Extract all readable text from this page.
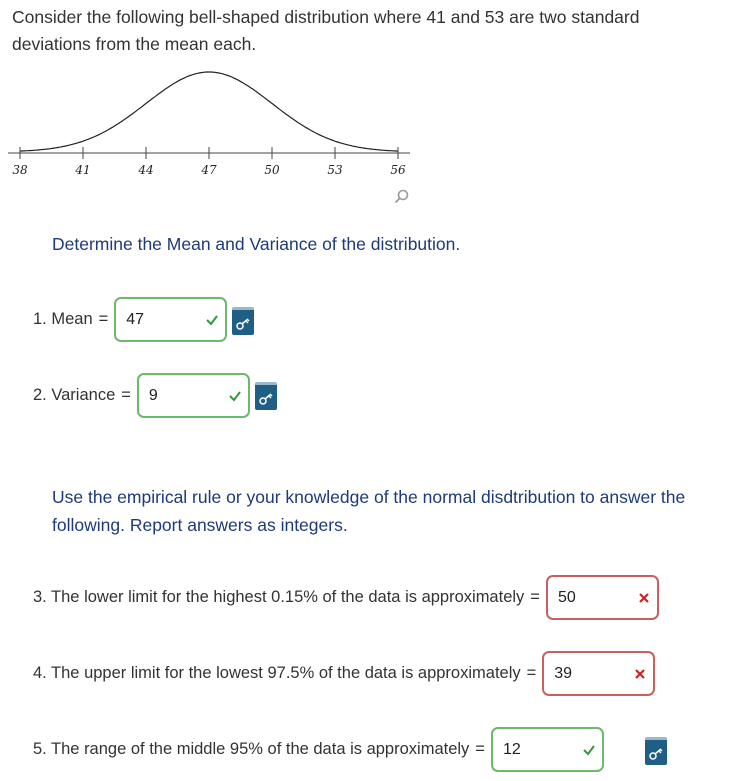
Consider the following bell-shaped distribution where 41 and 53 are two standard deviations from the mean each.
38	41	44	47	50	53	56
Determine the Mean and Variance of the distribution.
1. Mean = 47
2. Variance = 9
Use the empirical rule or your knowledge of the normal disdtribution to answer the following. Report answers as integers.
3. The lower limit for the highest 0.15% of the data is approximately = 50
4. The upper limit for the lowest 97.5% of the data is approximately = 39
5. The range of the middle 95% of the data is approximately = 12
